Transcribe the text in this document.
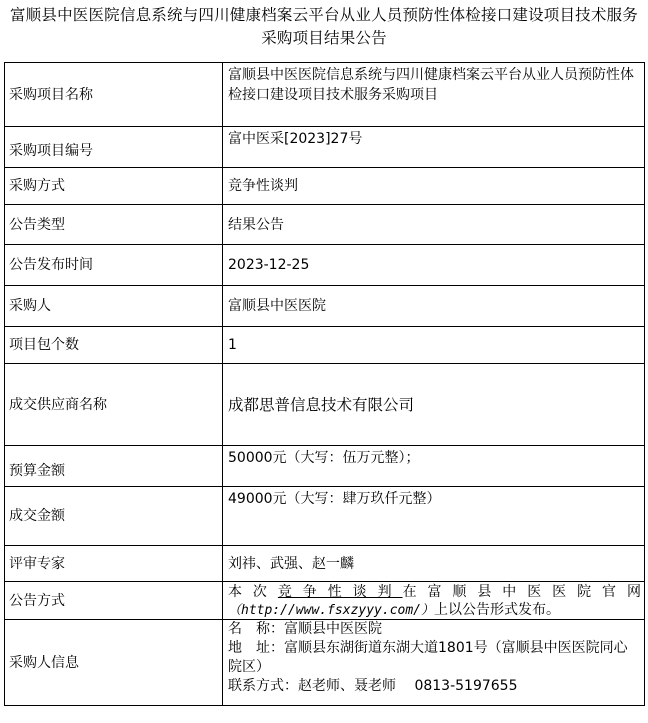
富顺县中医医院信息系统与四川健康档案云平台从业人员预防性体检接口建设项目技术服务采购项目结果公告
采购项目名称	富顺县中医医院信息系统与四川健康档案云平台从业人员预防性体检接口建设项目技术服务采购项目
采购项目编号	富中医采[2023]27号
采购方式	竞争性谈判
公告类型	结果公告
公告发布时间	2023-12-25
采购人	富顺县中医医院
项目包个数	1
成交供应商名称	成都思普信息技术有限公司
预算金额	50000元（大写：伍万元整）；
成交金额	49000元（大写：肆万玖仟元整）
评审专家	刘祎、武强、赵一麟
公告方式	本次竞争性谈判在富顺县中医医院官网
（http://www.fsxzyyy.com/）上以公告形式发布。

采购人信息	名　称：富顺县中医医院
地　址：富顺县东湖街道东湖大道1801号（富顺县中医医院同心院区）
联系方式：赵老师、聂老师　 0813-5197655
